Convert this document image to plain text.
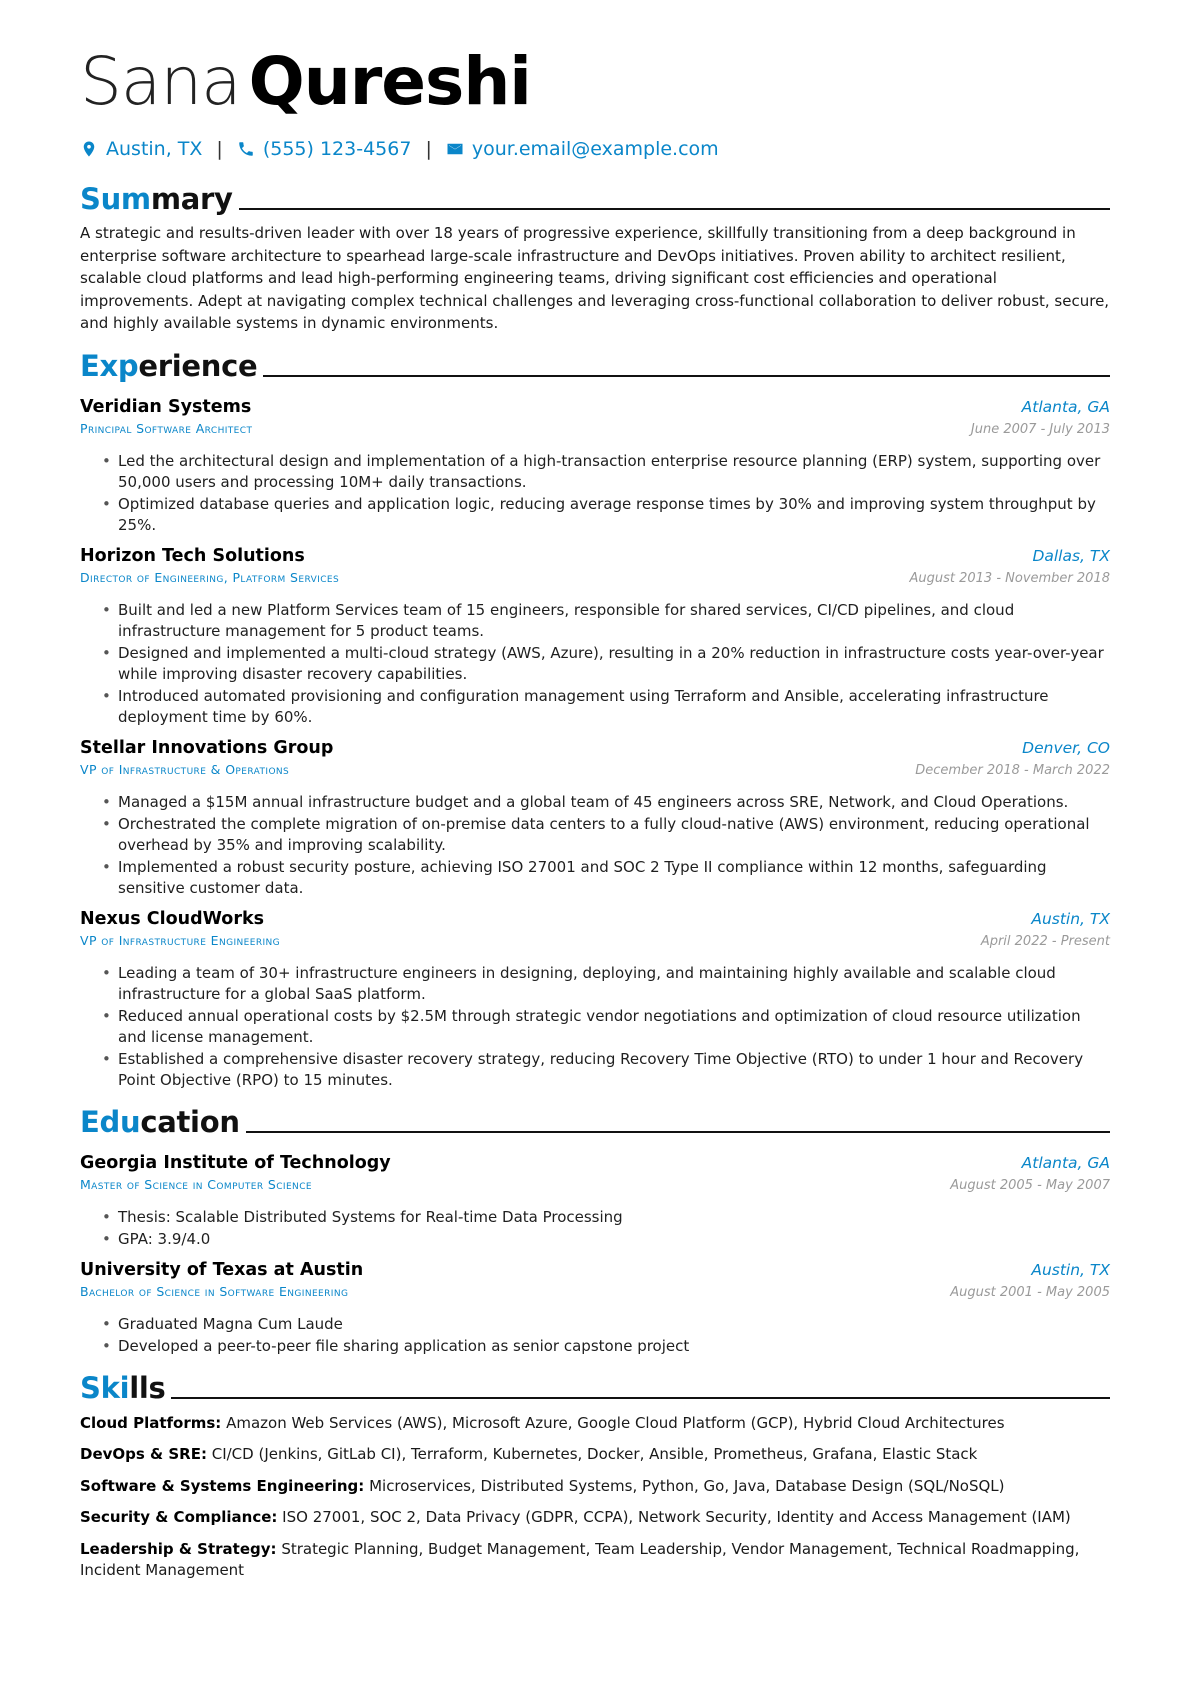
Sana Qureshi
Austin, TX | (555) 123-4567 | your.email@example.com
Summary

A strategic and results-driven leader with over 18 years of progressive experience, skillfully transitioning from a deep background in enterprise software architecture to spearhead large-scale infrastructure and DevOps initiatives. Proven ability to architect resilient, scalable cloud platforms and lead high-performing engineering teams, driving significant cost efficiencies and operational improvements. Adept at navigating complex technical challenges and leveraging cross-functional collaboration to deliver robust, secure, and highly available systems in dynamic environments.

Experience
Veridian Systems	Atlanta, GA
Principal Software Architect	June 2007 - July 2013
• Led the architectural design and implementation of a high-transaction enterprise resource planning (ERP) system, supporting over 50,000 users and processing 10M+ daily transactions.
• Optimized database queries and application logic, reducing average response times by 30% and improving system throughput by 25%.
Horizon Tech Solutions	Dallas, TX
Director of Engineering, Platform Services	August 2013 - November 2018
• Built and led a new Platform Services team of 15 engineers, responsible for shared services, CI/CD pipelines, and cloud infrastructure management for 5 product teams.
• Designed and implemented a multi-cloud strategy (AWS, Azure), resulting in a 20% reduction in infrastructure costs year-over-year while improving disaster recovery capabilities.
• Introduced automated provisioning and configuration management using Terraform and Ansible, accelerating infrastructure deployment time by 60%.
Stellar Innovations Group	Denver, CO
VP of Infrastructure & Operations	December 2018 - March 2022
• Managed a $15M annual infrastructure budget and a global team of 45 engineers across SRE, Network, and Cloud Operations.
• Orchestrated the complete migration of on-premise data centers to a fully cloud-native (AWS) environment, reducing operational overhead by 35% and improving scalability.
• Implemented a robust security posture, achieving ISO 27001 and SOC 2 Type II compliance within 12 months, safeguarding sensitive customer data.
Nexus CloudWorks	Austin, TX
VP of Infrastructure Engineering	April 2022 - Present
• Leading a team of 30+ infrastructure engineers in designing, deploying, and maintaining highly available and scalable cloud infrastructure for a global SaaS platform.
• Reduced annual operational costs by $2.5M through strategic vendor negotiations and optimization of cloud resource utilization and license management.
• Established a comprehensive disaster recovery strategy, reducing Recovery Time Objective (RTO) to under 1 hour and Recovery Point Objective (RPO) to 15 minutes.
Education
Georgia Institute of Technology	Atlanta, GA
Master of Science in Computer Science	August 2005 - May 2007
• Thesis: Scalable Distributed Systems for Real-time Data Processing
• GPA: 3.9/4.0
University of Texas at Austin	Austin, TX
Bachelor of Science in Software Engineering	August 2001 - May 2005
• Graduated Magna Cum Laude
• Developed a peer-to-peer file sharing application as senior capstone project
Skills
Cloud Platforms: Amazon Web Services (AWS), Microsoft Azure, Google Cloud Platform (GCP), Hybrid Cloud Architectures
DevOps & SRE: CI/CD (Jenkins, GitLab CI), Terraform, Kubernetes, Docker, Ansible, Prometheus, Grafana, Elastic Stack
Software & Systems Engineering: Microservices, Distributed Systems, Python, Go, Java, Database Design (SQL/NoSQL)
Security & Compliance: ISO 27001, SOC 2, Data Privacy (GDPR, CCPA), Network Security, Identity and Access Management (IAM)
Leadership & Strategy: Strategic Planning, Budget Management, Team Leadership, Vendor Management, Technical Roadmapping, Incident Management
